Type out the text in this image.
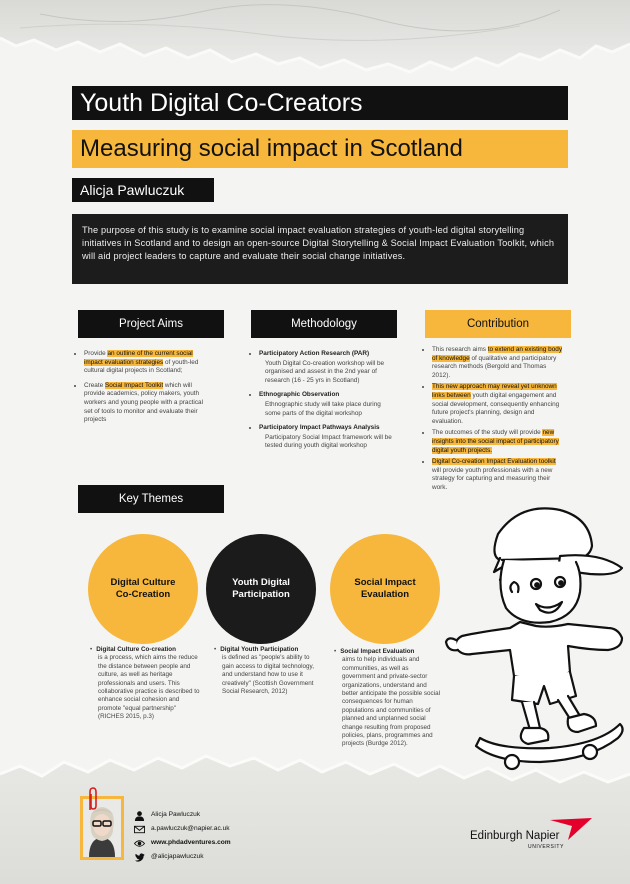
Youth Digital Co-Creators
Measuring social impact in Scotland
Alicja Pawluczuk
The purpose of this study is to examine social impact evaluation strategies of youth-led digital storytelling initiatives in Scotland and to design an open-source Digital Storytelling & Social Impact Evaluation Toolkit, which will aid project leaders to capture and evaluate their social change initiatives.
Project Aims	Methodology	Contribution
• Provide an outline of the current social impact evaluation strategies of youth-led cultural digital projects in Scotland;
• Create Social Impact Toolkit which will provide academics, policy makers, youth workers and young people with a practical set of tools to monitor and evaluate their projects
• Participatory Action Research (PAR)
Youth Digital Co-creation workshop will be organised and assest in the 2nd year of research (16 - 25 yrs in Scotland)
• Ethnographic Observation
Ethnographic study will take place during some parts of the digital workshop
• Participatory Impact Pathways Analysis
Participatory Social Impact framework will be tested during youth digital workshop
• This research aims to extend an existing body of knowledge of qualitative and participatory research methods (Bergold and Thomas 2012).
• This new approach may reveal yet unknown links between youth digital engagement and social development, consequently enhancing future project's planning, design and evaluation.
• The outcomes of the study will provide new insights into the social impact of participatory digital youth projects.
• Digital Co-creation Impact Evaluation toolkit will provide youth professionals with a new strategy for capturing and measuring their work.
Key Themes
Digital Culture Co-Creation
Youth Digital Participation
Social Impact Evaulation
• Digital Culture Co-creation
is a process, which aims the reduce the distance between people and culture, as well as heritage professionals and users. This collaborative practice is described to enhance social cohesion and promote "equal partnership" (RICHES 2015, p.3)
• Digital Youth Participation
is defined as "people's ability to gain access to digital technology, and understand how to use it creatively" (Scottish Government Social Research, 2012)
• Social Impact Evaluation
aims to help individuals and communities, as well as government and private-sector organizations, understand and better anticipate the possible social consequences for human populations and communities of planned and unplanned social change resulting from proposed policies, plans, programmes and projects (Burdge 2012).
Alicja Pawluczuk
a.pawluczuk@napier.ac.uk
www.phdadventures.com
@alicjapawluczuk
Edinburgh Napier
UNIVERSITY
